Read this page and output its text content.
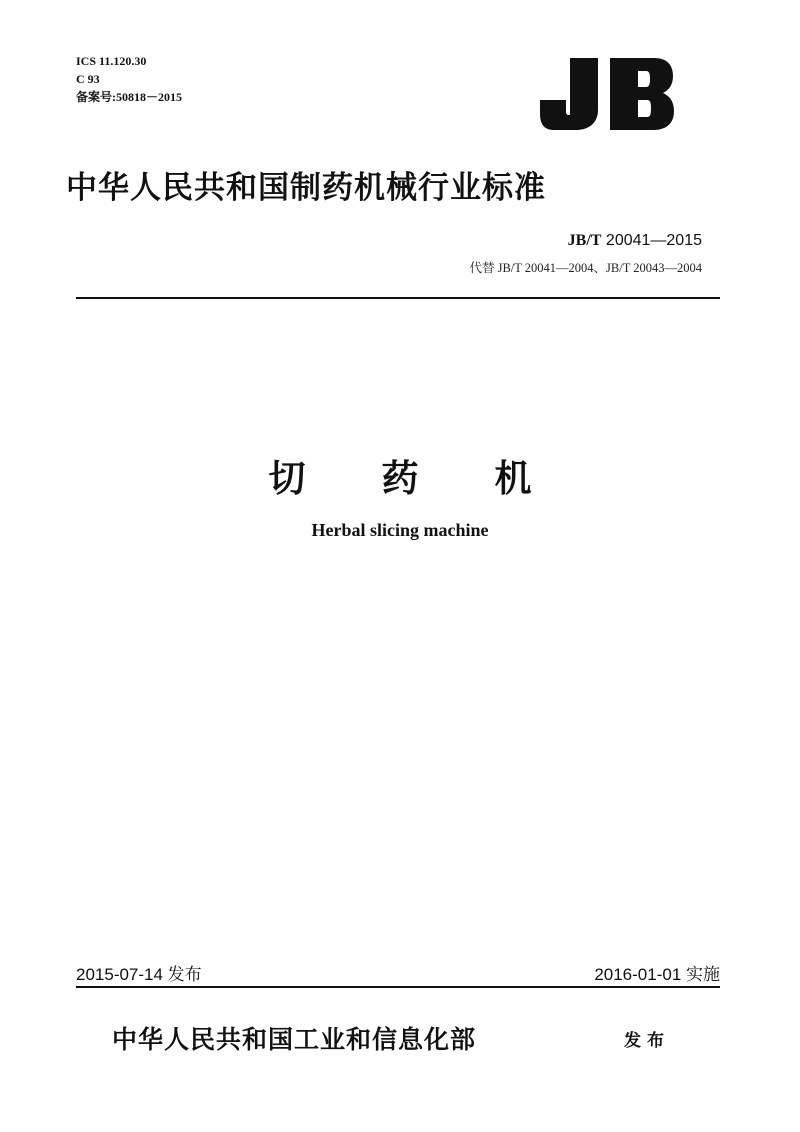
ICS 11.120.30
C 93
备案号:50818－2015
中华人民共和国制药机械行业标准
JB/T 20041—2015
代替 JB/T 20041—2004、JB/T 20043—2004
切 药 机
Herbal slicing machine
2015-07-14 发布	2016-01-01 实施
中华人民共和国工业和信息化部	发布
